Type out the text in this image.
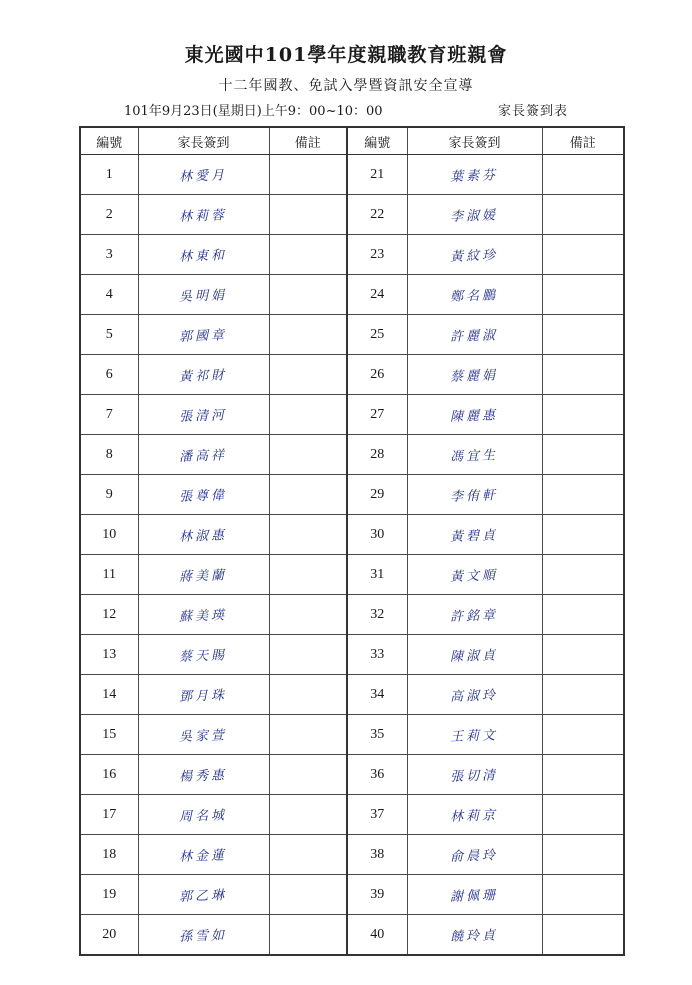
東光國中101學年度親職教育班親會
十二年國教、免試入學暨資訊安全宣導
101年9月23日(星期日)上午9：00~10：00	家長簽到表
編號	家長簽到	備註	編號	家長簽到	備註
1	林愛月		21	葉素芬	
2	林莉蓉		22	李淑媛	
3	林東和		23	黃紋珍	
4	吳明娟		24	鄭名鵬	
5	郭國章		25	許麗淑	
6	黃祁財		26	蔡麗娟	
7	張清河		27	陳麗惠	
8	潘高祥		28	馮宜生	
9	張尊偉		29	李侑軒	
10	林淑惠		30	黃碧貞	
11	蔣美蘭		31	黃文順	
12	蘇美瑛		32	許銘章	
13	蔡天賜		33	陳淑貞	
14	鄧月珠		34	高淑玲	
15	吳家萱		35	王莉文	
16	楊秀惠		36	張切清	
17	周名城		37	林莉京	
18	林金蓮		38	俞晨玲	
19	郭乙琳		39	謝佩珊	
20	孫雪如		40	饒玲貞	
